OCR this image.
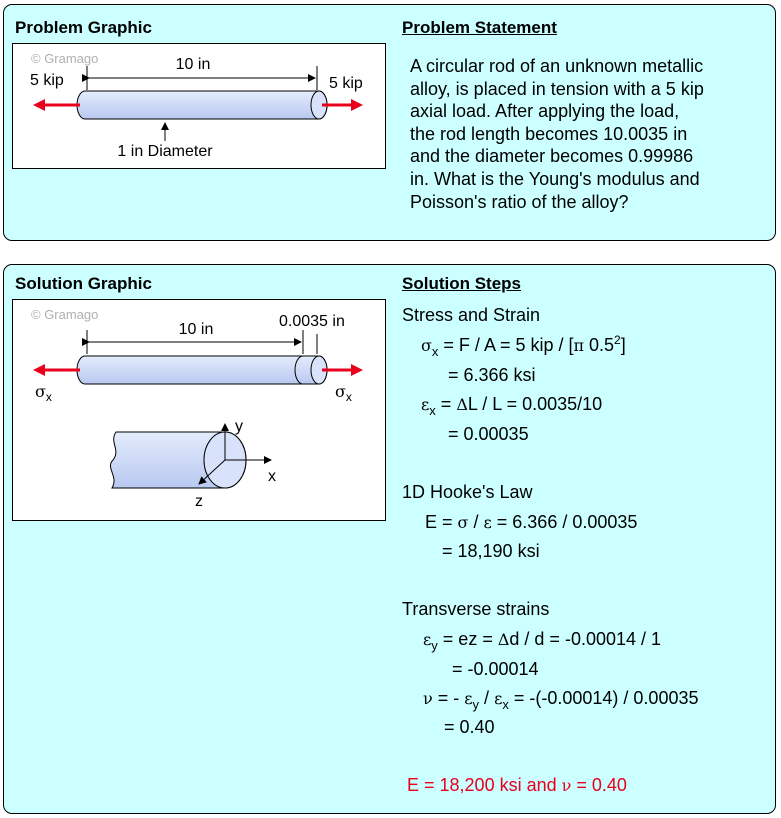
Problem Graphic	Problem Statement
© Gramago	10 in
5 kip	5 kip
1 in Diameter
A circular rod of an unknown metallic
alloy, is placed in tension with a 5 kip
axial load. After applying the load,
the rod length becomes 10.0035 in
and the diameter becomes 0.99986
in. What is the Young's modulus and
Poisson's ratio of the alloy?
Solution Graphic	Solution Steps
© Gramago
10 in	0.0035 in
$\sigma_x$	$\sigma_x$
y
x
z
Stress and Strain
$\sigma_x = F / A = 5$ kip / [π $0.5^2$]
= 6.366 ksi
$\varepsilon_x = \Delta L / L = 0.0035/10$
= 0.00035
1D Hooke's Law
E = σ / ε = 6.366 / 0.00035
= 18,190 ksi
Transverse strains
$\varepsilon_y$ = ez = Δd / d = -0.00014 / 1
= -0.00014
ν = - $\varepsilon_y / \varepsilon_x = -(-0.00014) / 0.00035$
= 0.40
E = 18,200 ksi and ν = 0.40
